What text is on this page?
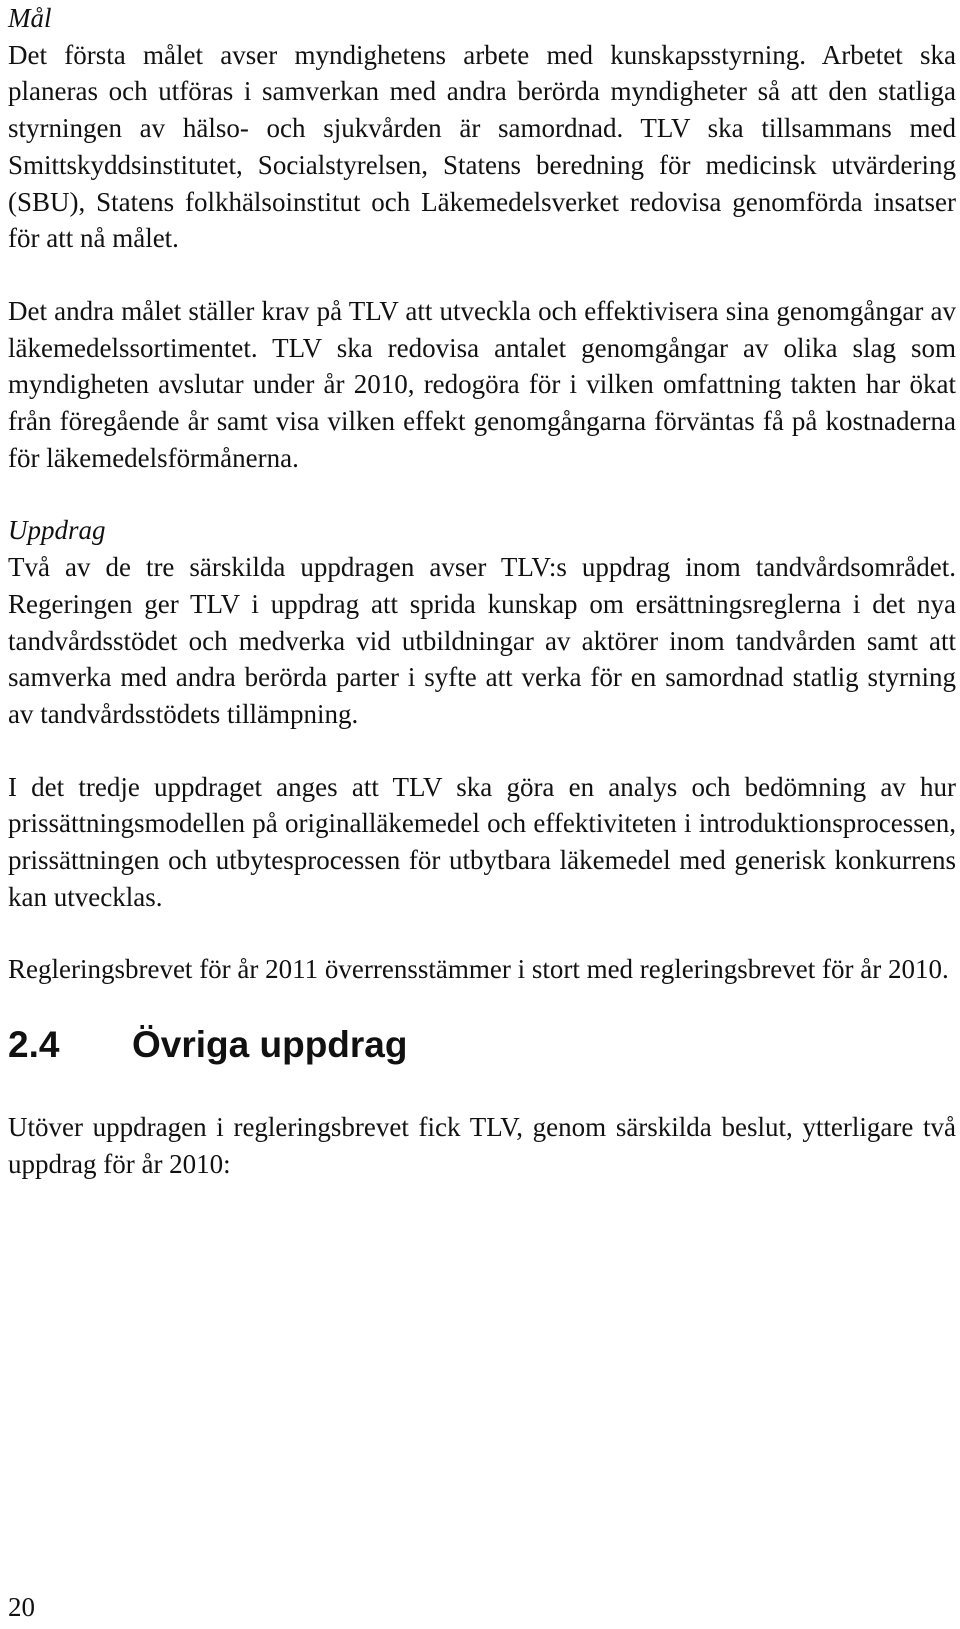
Mål

Det första målet avser myndighetens arbete med kunskapsstyrning. Arbetet ska planeras och utföras i samverkan med andra berörda myndigheter så att den statliga styrningen av hälso- och sjukvården är samordnad. TLV ska tillsammans med Smittskyddsinstitutet, Socialstyrelsen, Statens beredning för medicinsk utvärdering (SBU), Statens folkhälsoinstitut och Läkemedelsverket redovisa genomförda insatser för att nå målet.

Det andra målet ställer krav på TLV att utveckla och effektivisera sina genomgångar av läkemedelssortimentet. TLV ska redovisa antalet genomgångar av olika slag som myndigheten avslutar under år 2010, redogöra för i vilken omfattning takten har ökat från föregående år samt visa vilken effekt genomgångarna förväntas få på kostnaderna för läkemedelsförmånerna.

Uppdrag

Två av de tre särskilda uppdragen avser TLV:s uppdrag inom tandvårdsområdet. Regeringen ger TLV i uppdrag att sprida kunskap om ersättningsreglerna i det nya tandvårdsstödet och medverka vid utbildningar av aktörer inom tandvården samt att samverka med andra berörda parter i syfte att verka för en samordnad statlig styrning av tandvårdsstödets tillämpning.

I det tredje uppdraget anges att TLV ska göra en analys och bedömning av hur prissättningsmodellen på originalläkemedel och effektiviteten i introduktionsprocessen, prissättningen och utbytesprocessen för utbytbara läkemedel med generisk konkurrens kan utvecklas.

Regleringsbrevet för år 2011 överrensstämmer i stort med regleringsbrevet för år 2010.

2.4 Övriga uppdrag

Utöver uppdragen i regleringsbrevet fick TLV, genom särskilda beslut, ytterligare två uppdrag för år 2010:

20
